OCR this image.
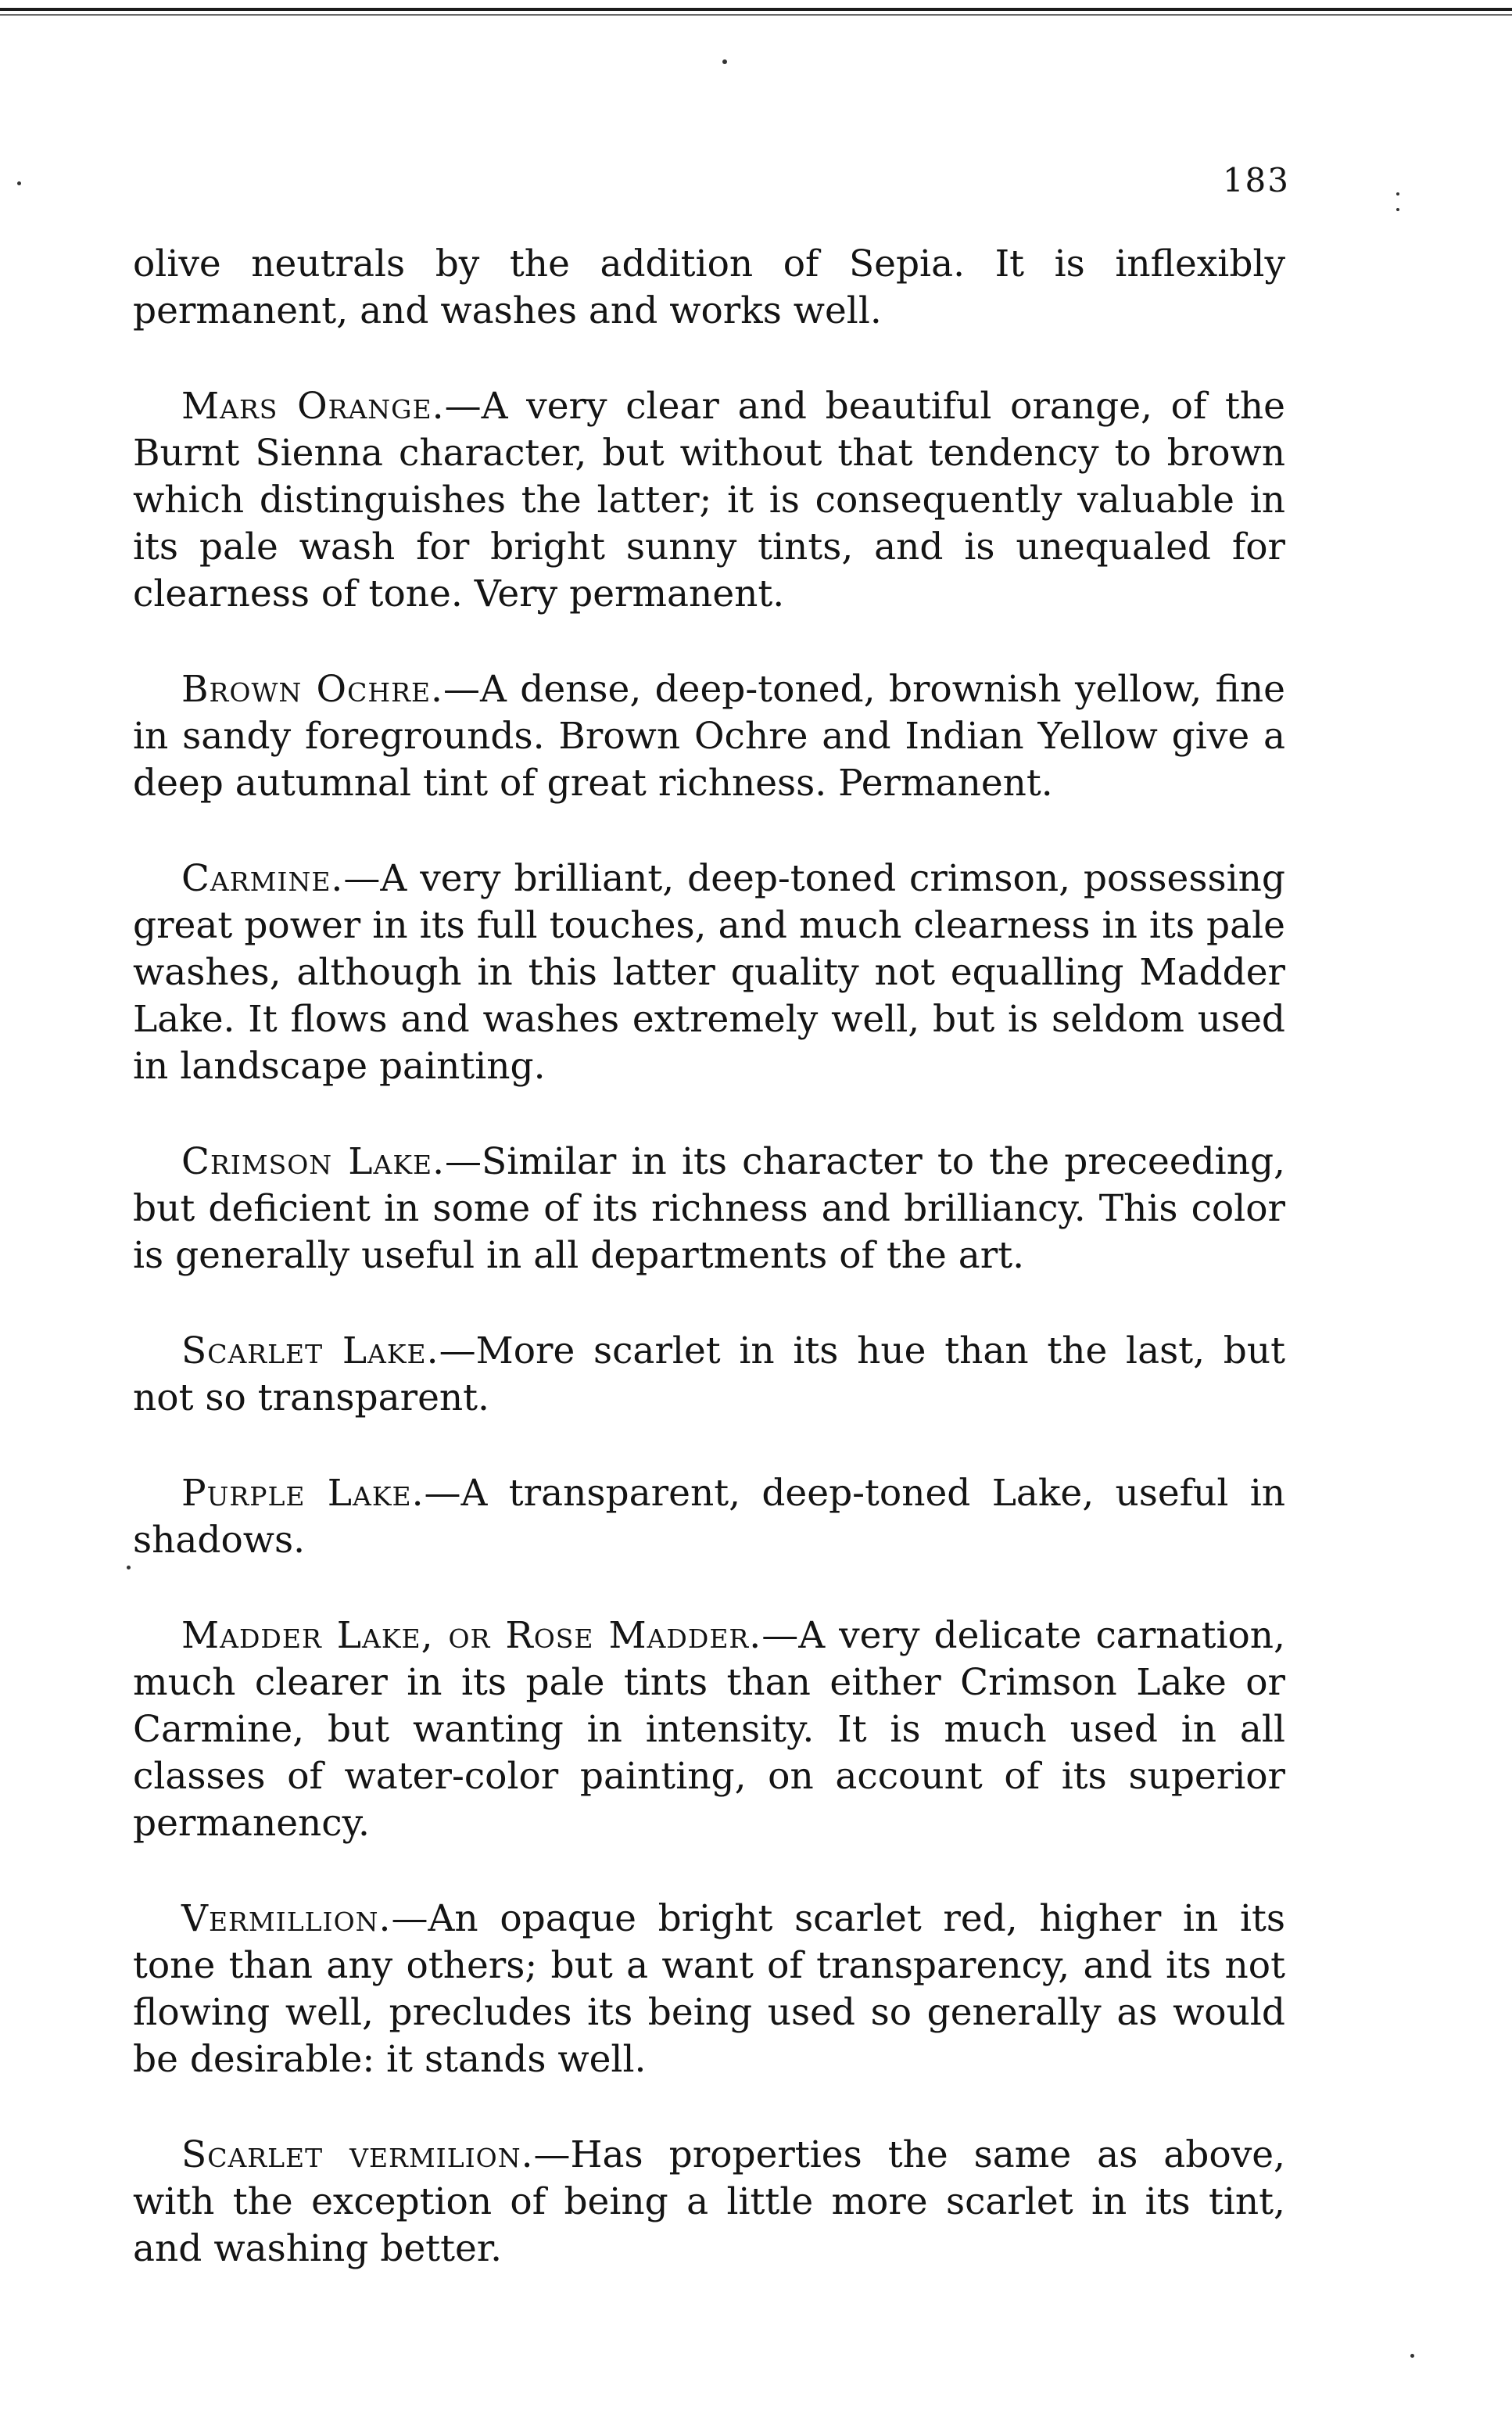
183

olive neutrals by the addition of Sepia. It is inflexibly permanent, and washes and works well.

Mars Orange.—A very clear and beautiful orange, of the Burnt Sienna character, but without that tendency to brown which distinguishes the latter; it is consequently valuable in its pale wash for bright sunny tints, and is unequaled for clearness of tone. Very permanent.

Brown Ochre.—A dense, deep-toned, brownish yellow, fine in sandy foregrounds. Brown Ochre and Indian Yellow give a deep autumnal tint of great richness. Permanent.

Carmine.—A very brilliant, deep-toned crimson, possessing great power in its full touches, and much clearness in its pale washes, although in this latter quality not equalling Madder Lake. It flows and washes extremely well, but is seldom used in landscape painting.

Crimson Lake.—Similar in its character to the preceeding, but deficient in some of its richness and brilliancy. This color is generally useful in all departments of the art.

Scarlet Lake.—More scarlet in its hue than the last, but not so transparent.

Purple Lake.—A transparent, deep-toned Lake, useful in shadows.

Madder Lake, or Rose Madder.—A very delicate carnation, much clearer in its pale tints than either Crimson Lake or Carmine, but wanting in intensity. It is much used in all classes of water-color painting, on account of its superior permanency.

Vermillion.—An opaque bright scarlet red, higher in its tone than any others; but a want of transparency, and its not flowing well, precludes its being used so generally as would be desirable: it stands well.

Scarlet vermilion.—Has properties the same as above, with the exception of being a little more scarlet in its tint, and washing better.
